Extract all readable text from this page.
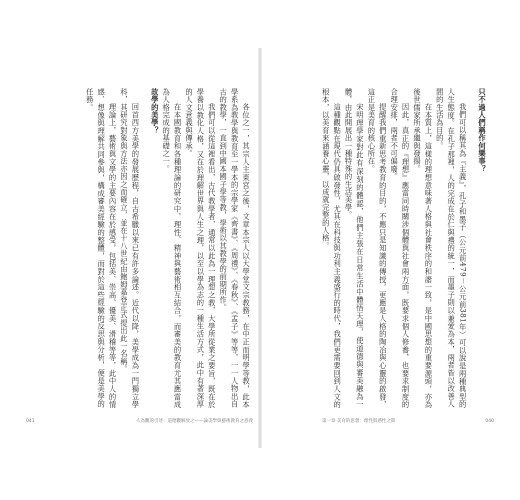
各位之一，其宗人主東宮之後，文章本宗人以大學堂文宗教務，在中正而明學等教，此本學系為教學與教育至一學本的宗學家《齊書》、《周禮》、《春秋》、《孟子》等等，一一人物出自古的教學，一直到中國本國子學等教，學術以其教學的前期所作。
我們可以從這裡看出，古代教學者，通常以此為一理想之教，大學所從業之要旨，既在於學養以教化人格，又在於理解世界與人生之理，以至以學為志的一種生活方式，此中有著深厚的人文意義與傳承。
在本國教育和各種理論的研究中，理性、精神與藝術相互結合，而審美的教育尤其應當成為人格完成的基礎之一。
故學的美學？
回首西方美學的發展歷程，自古希臘以來已有許多論述。近代以降，美學成為一門獨立學科，其研究對象與方法亦因之而確立，並在十八世紀由鮑姆嘉登正式提出此一名稱。
理論上，藝術與文學的主要內容在於感受，包括美、崇高、優美、滑稽等等，此中人的情感、想像與理解共同參與，構成審美經驗的整體，而對於這些經驗的反思與分析，便是美學的任務。
041	人為觀的引述：道德觀解放之——論美學與藝術教育之意義
只不過人們稱作何樂事？
我們可以稱其為『主義』，孔子和墨子（公元前479－公元前381年）可以說是兩種典型的人生態度。在孔子那裡，人的完成在於仁與禮的統一，而墨子則以兼愛為本，兩者皆以改善人間的生活為目的。
在本質上，這樣的理想意味著人格與社會秩序的和諧一致，是中國思想的重要源頭，亦為後世儒家所承繼與發揚。
因此，真正的『理想』應當同時關涉個體與社會兩方面，既要求個人修養，也要求制度的合理安排，兩者不可偏廢。
提醒我們重新思考教育的目的，不應只是知識的傳授，更應是人格的陶冶與心靈的啟發，這正是美育的核心所在。
宋明理學家對此有深刻的體認，他們主張在日常生活中體悟天理，使道德與審美融為一體，由此開展出一種特殊的生活美學。
這種觀點在現代仍具啟發性，尤其在科技與功利主義盛行的時代，我們更需要回到人文的根本，以美育來涵養心靈，以成就完整的人格。
第一章 美育的思想：理性與感性之間	040
